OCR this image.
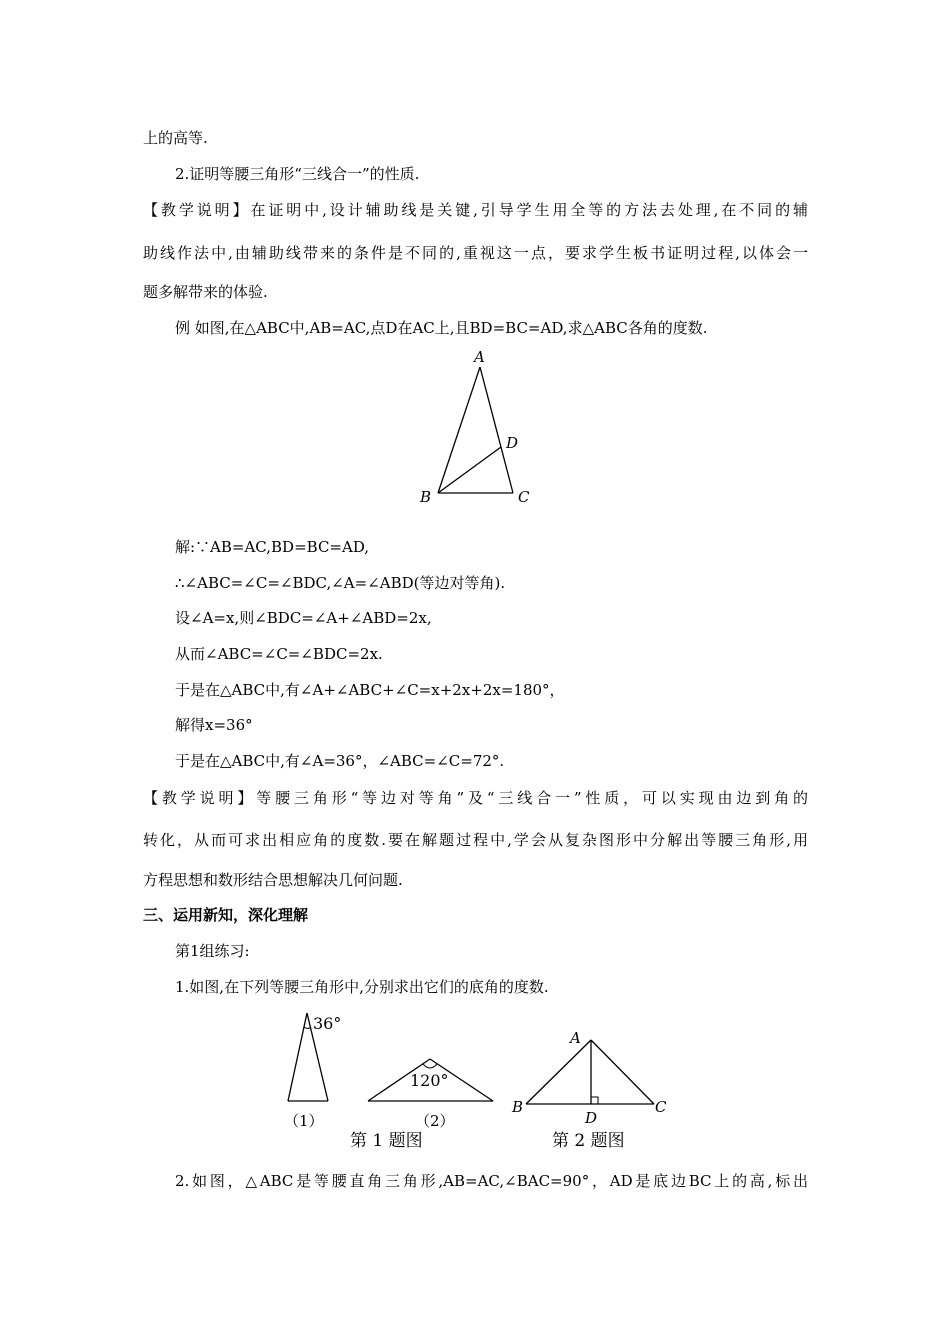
上的高等.
2.证明等腰三角形“三线合一”的性质.
【教学说明】在证明中,设计辅助线是关键,引导学生用全等的方法去处理,在不同的辅
助线作法中,由辅助线带来的条件是不同的,重视这一点，要求学生板书证明过程,以体会一
题多解带来的体验.
例 如图,在△ABC中,AB=AC,点D在AC上,且BD=BC=AD,求△ABC各角的度数.
A
B	C
D
解:∵AB=AC,BD=BC=AD,
∴∠ABC=∠C=∠BDC,∠A=∠ABD(等边对等角).
设∠A=x,则∠BDC=∠A+∠ABD=2x,
从而∠ABC=∠C=∠BDC=2x.
于是在△ABC中,有∠A+∠ABC+∠C=x+2x+2x=180°，
解得x=36°
于是在△ABC中,有∠A=36°，∠ABC=∠C=72°.
【教学说明】等腰三角形“等边对等角”及“三线合一”性质，可以实现由边到角的
转化，从而可求出相应角的度数.要在解题过程中,学会从复杂图形中分解出等腰三角形,用
方程思想和数形结合思想解决几何问题.
三、运用新知，深化理解
第1组练习:
1.如图,在下列等腰三角形中,分别求出它们的底角的度数.
36°
（1）
120°
（2）
第 1 题图
A
B	C
D
第 2 题图
2.如图，△ABC是等腰直角三角形,AB=AC,∠BAC=90°，AD是底边BC上的高,标出
